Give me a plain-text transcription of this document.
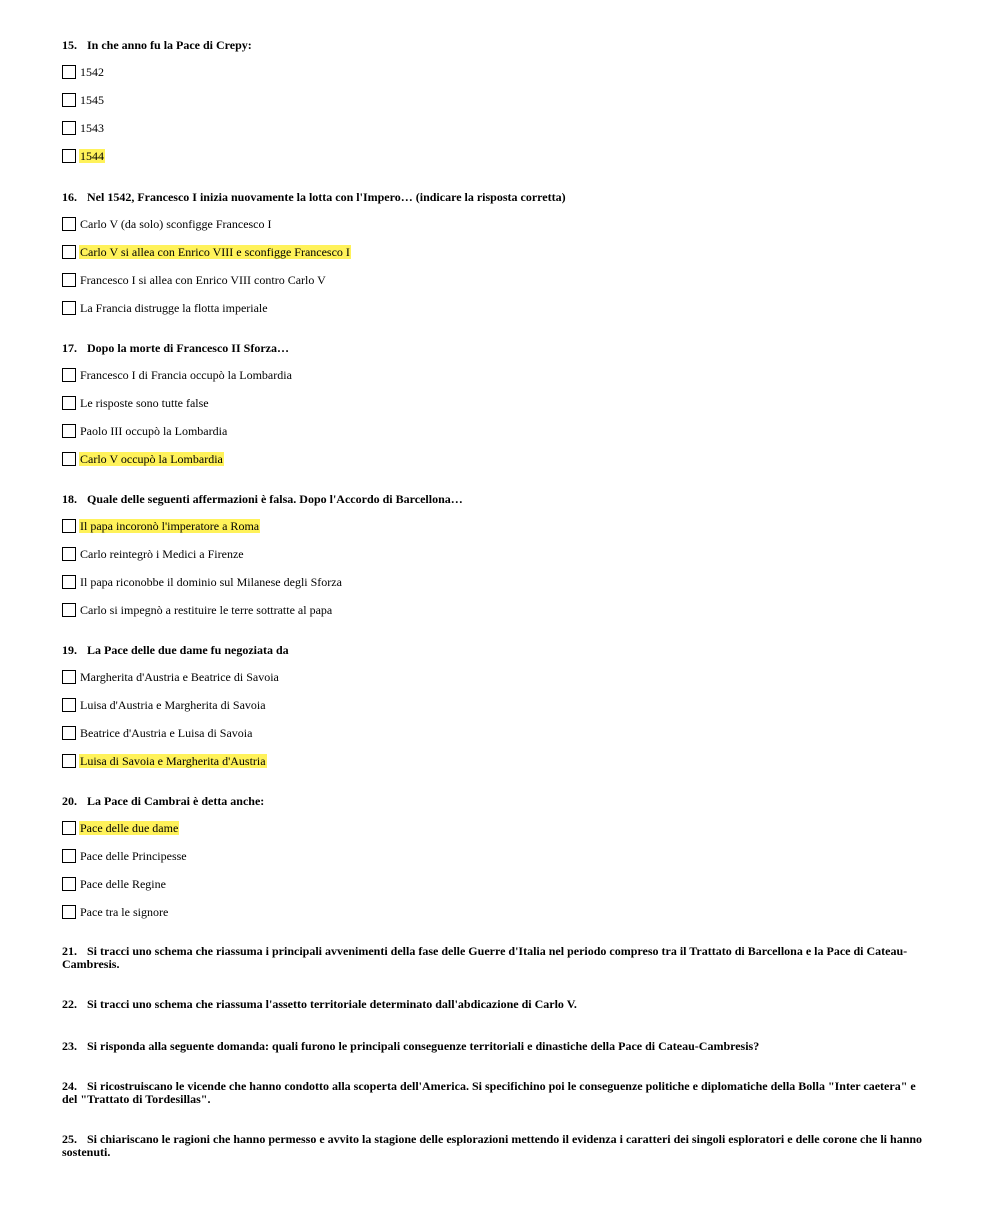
15. In che anno fu la Pace di Crepy:
1542
1545
1543
1544
16. Nel 1542, Francesco I inizia nuovamente la lotta con l'Impero… (indicare la risposta corretta)
Carlo V (da solo) sconfigge Francesco I
Carlo V si allea con Enrico VIII e sconfigge Francesco I
Francesco I si allea con Enrico VIII contro Carlo V
La Francia distrugge la flotta imperiale
17. Dopo la morte di Francesco II Sforza…
Francesco I di Francia occupò la Lombardia
Le risposte sono tutte false
Paolo III occupò la Lombardia
Carlo V occupò la Lombardia
18. Quale delle seguenti affermazioni è falsa. Dopo l'Accordo di Barcellona…
Il papa incoronò l'imperatore a Roma
Carlo reintegrò i Medici a Firenze
Il papa riconobbe il dominio sul Milanese degli Sforza
Carlo si impegnò a restituire le terre sottratte al papa
19. La Pace delle due dame fu negoziata da
Margherita d'Austria e Beatrice di Savoia
Luisa d'Austria e Margherita di Savoia
Beatrice d'Austria e Luisa di Savoia
Luisa di Savoia e Margherita d'Austria
20. La Pace di Cambrai è detta anche:
Pace delle due dame
Pace delle Principesse
Pace delle Regine
Pace tra le signore

21. Si tracci uno schema che riassuma i principali avvenimenti della fase delle Guerre d'Italia nel periodo compreso tra il Trattato di Barcellona e la Pace di Cateau-Cambresis.

22. Si tracci uno schema che riassuma l'assetto territoriale determinato dall'abdicazione di Carlo V.

23. Si risponda alla seguente domanda: quali furono le principali conseguenze territoriali e dinastiche della Pace di Cateau-Cambresis?

24. Si ricostruiscano le vicende che hanno condotto alla scoperta dell'America. Si specifichino poi le conseguenze politiche e diplomatiche della Bolla "Inter caetera" e del "Trattato di Tordesillas".

25. Si chiariscano le ragioni che hanno permesso e avvito la stagione delle esplorazioni mettendo il evidenza i caratteri dei singoli esploratori e delle corone che li hanno sostenuti.
